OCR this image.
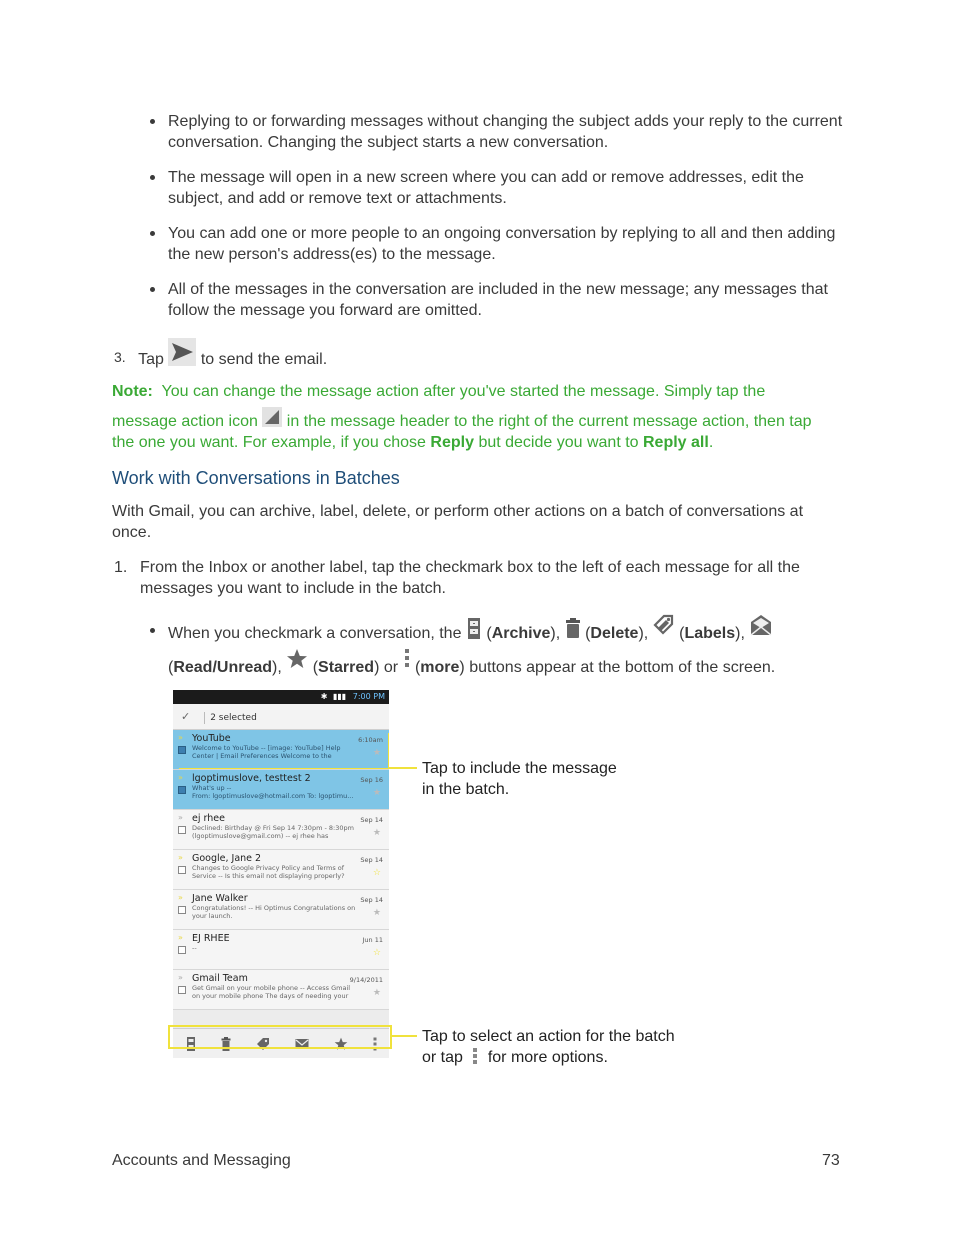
Replying to or forwarding messages without changing the subject adds your reply to the current conversation. Changing the subject starts a new conversation.
The message will open in a new screen where you can add or remove addresses, edit the subject, and add or remove text or attachments.
You can add one or more people to an ongoing conversation by replying to all and then adding the new person's address(es) to the message.
All of the messages in the conversation are included in the new message; any messages that follow the message you forward are omitted.
3. Tap to send the email.
Note: You can change the message action after you've started the message. Simply tap the
message action icon in the message header to the right of the current message action, then tap
the one you want. For example, if you chose Reply but decide you want to Reply all.
Work with Conversations in Batches
With Gmail, you can archive, label, delete, or perform other actions on a batch of conversations at
once.
1. From the Inbox or another label, tap the checkmark box to the left of each message for all the
messages you want to include in the batch.
When you checkmark a conversation, the  (Archive),  (Delete),  (Labels),
(Read/Unread),  (Starred) or  (more) buttons appear at the bottom of the screen.
✱ ▮▮▮ 7:00 PM
✓ 2 selected
» YouTube
Welcome to YouTube -- [image: YouTube] Help
Center | Email Preferences Welcome to the
6:10am
★
» lgoptimuslove, testtest 2
What's up --
From: lgoptimuslove@hotmail.com To: lgoptimu...
Sep 16
★
» ej rhee
Declined: Birthday @ Fri Sep 14 7:30pm - 8:30pm
(lgoptimuslove@gmail.com) -- ej rhee has
Sep 14
★
» Google, Jane 2
Changes to Google Privacy Policy and Terms of
Service -- Is this email not displaying properly?
Sep 14
☆
» Jane Walker
Congratulations! -- Hi Optimus Congratulations on
your launch.
Sep 14
★
» EJ RHEE
--
Jun 11
☆
» Gmail Team
Get Gmail on your mobile phone -- Access Gmail
on your mobile phone The days of needing your
9/14/2011
★
Tap to include the message
in the batch.
Tap to select an action for the batch
or tap for more options.
Accounts and Messaging	73
